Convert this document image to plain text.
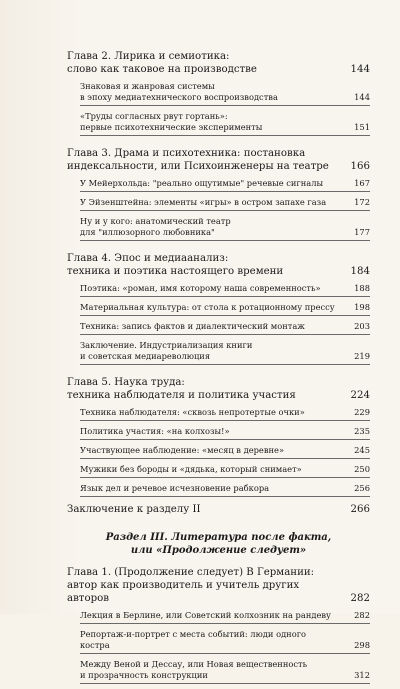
Глава 2. Лирика и семиотика:
слово как таковое на производстве	144
Знаковая и жанровая системы
в эпоху медиатехнического воспроизводства	144
«Труды согласных рвут гортань»:
первые психотехнические эксперименты	151
Глава 3. Драма и психотехника: постановка
индексальности, или Психоинженеры на театре	166
У Мейерхольда: "реально ощутимые" речевые сигналы	167
У Эйзенштейна: элементы «игры» в остром запахе газа	172
Ну и у кого: анатомический театр
для "иллюзорного любовника"	177
Глава 4. Эпос и медиаанализ:
техника и поэтика настоящего времени	184
Поэтика: «роман, имя которому наша современность»	188
Материальная культура: от стола к ротационному прессу	198
Техника: запись фактов и диалектический монтаж	203
Заключение. Индустриализация книги
и советская медиареволюция	219
Глава 5. Наука труда:
техника наблюдателя и политика участия	224
Техника наблюдателя: «сквозь непротертые очки»	229
Политика участия: «на колхозы!»	235
Участвующее наблюдение: «месяц в деревне»	245
Мужики без бороды и «дядька, который снимает»	250
Язык дел и речевое исчезновение рабкора	256
Заключение к разделу II	266
Раздел III. Литература после факта,
или «Продолжение следует»
Глава 1. (Продолжение следует) В Германии:
автор как производитель и учитель других авторов	282
Лекция в Берлине, или Советский колхозник на рандеву	282
Репортаж-и-портрет с места событий: люди одного костра	298
Между Веной и Дессау, или Новая вещественность
и прозрачность конструкции	312
